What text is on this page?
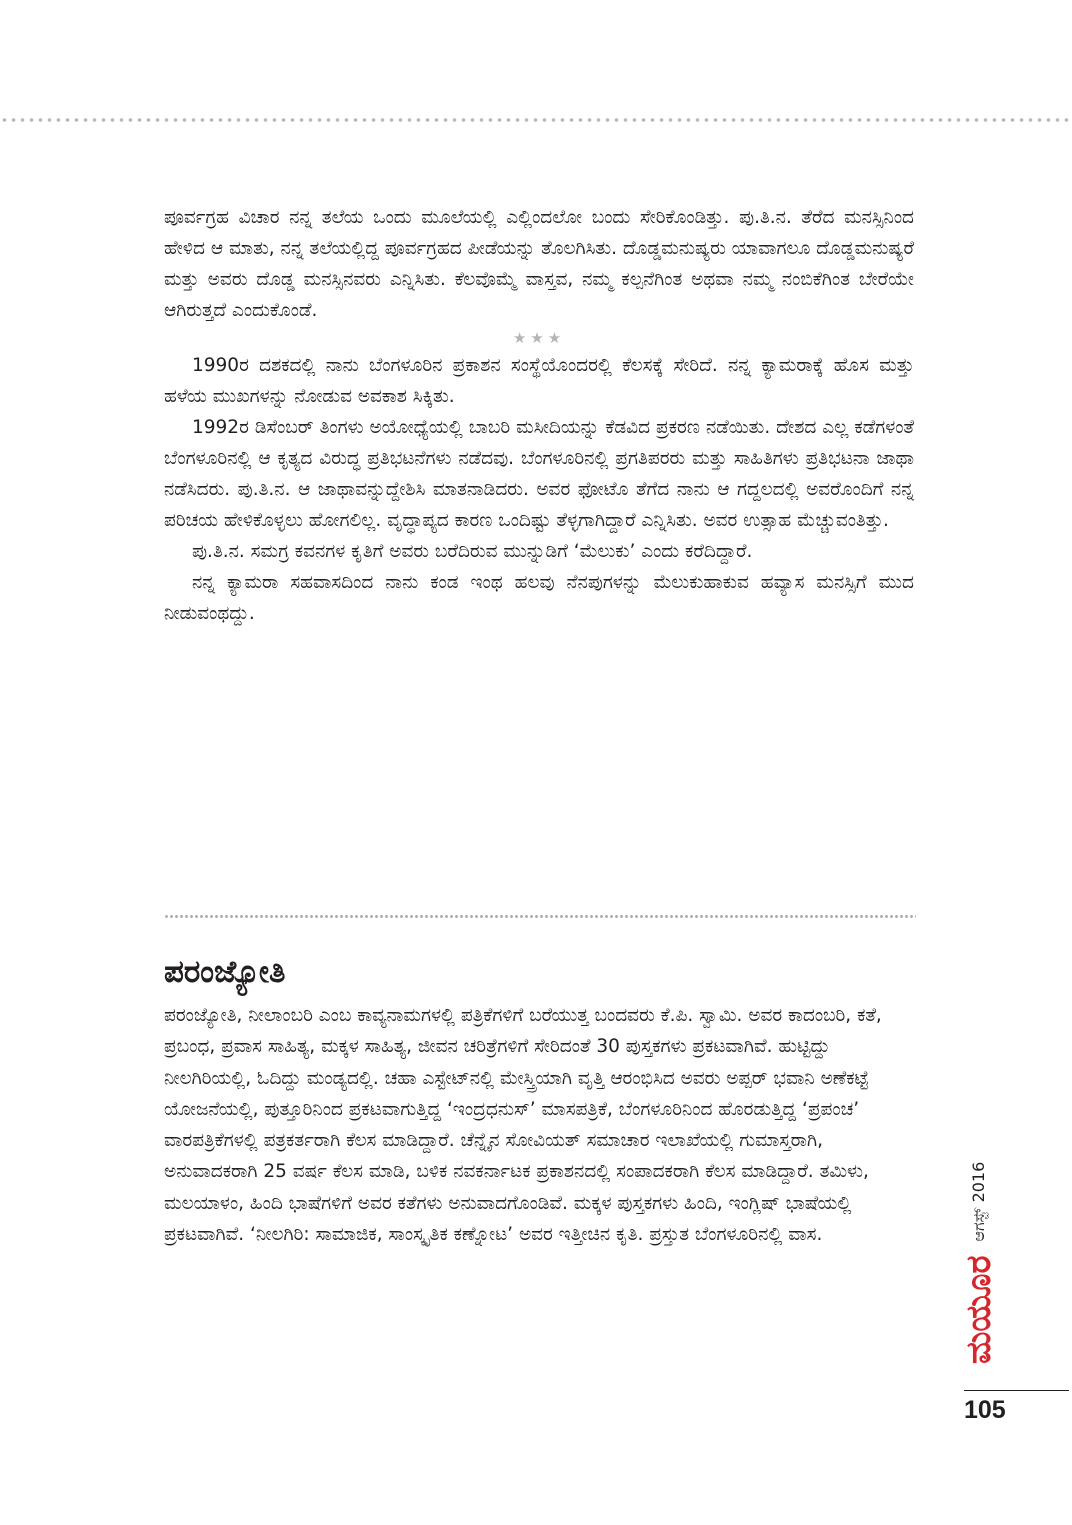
ಪೂರ್ವಗ್ರಹ ವಿಚಾರ ನನ್ನ ತಲೆಯ ಒಂದು ಮೂಲೆಯಲ್ಲಿ ಎಲ್ಲಿಂದಲೋ ಬಂದು ಸೇರಿಕೊಂಡಿತ್ತು. ಪು.ತಿ.ನ. ತೆರೆದ ಮನಸ್ಸಿನಿಂದ ಹೇಳಿದ ಆ ಮಾತು, ನನ್ನ ತಲೆಯಲ್ಲಿದ್ದ ಪೂರ್ವಗ್ರಹದ ಪೀಡೆಯನ್ನು ತೊಲಗಿಸಿತು. ದೊಡ್ಡಮನುಷ್ಯರು ಯಾವಾಗಲೂ ದೊಡ್ಡಮನುಷ್ಯರೆ ಮತ್ತು ಅವರು ದೊಡ್ಡ ಮನಸ್ಸಿನವರು ಎನ್ನಿಸಿತು. ಕೆಲವೊಮ್ಮೆ ವಾಸ್ತವ, ನಮ್ಮ ಕಲ್ಪನೆಗಿಂತ ಅಥವಾ ನಮ್ಮ ನಂಬಿಕೆಗಿಂತ ಬೇರೆಯೇ ಆಗಿರುತ್ತದೆ ಎಂದುಕೊಂಡೆ.

★★★

1990ರ ದಶಕದಲ್ಲಿ ನಾನು ಬೆಂಗಳೂರಿನ ಪ್ರಕಾಶನ ಸಂಸ್ಥೆಯೊಂದರಲ್ಲಿ ಕೆಲಸಕ್ಕೆ ಸೇರಿದೆ. ನನ್ನ ಕ್ಯಾಮರಾಕ್ಕೆ ಹೊಸ ಮತ್ತು ಹಳೆಯ ಮುಖಗಳನ್ನು ನೋಡುವ ಅವಕಾಶ ಸಿಕ್ಕಿತು.

1992ರ ಡಿಸೆಂಬರ್ ತಿಂಗಳು ಅಯೋಧ್ಯೆಯಲ್ಲಿ ಬಾಬರಿ ಮಸೀದಿಯನ್ನು ಕೆಡವಿದ ಪ್ರಕರಣ ನಡೆಯಿತು. ದೇಶದ ಎಲ್ಲ ಕಡೆಗಳಂತೆ ಬೆಂಗಳೂರಿನಲ್ಲಿ ಆ ಕೃತ್ಯದ ವಿರುದ್ಧ ಪ್ರತಿಭಟನೆಗಳು ನಡೆದವು. ಬೆಂಗಳೂರಿನಲ್ಲಿ ಪ್ರಗತಿಪರರು ಮತ್ತು ಸಾಹಿತಿಗಳು ಪ್ರತಿಭಟನಾ ಜಾಥಾ ನಡೆಸಿದರು. ಪು.ತಿ.ನ. ಆ ಜಾಥಾವನ್ನುದ್ದೇಶಿಸಿ ಮಾತನಾಡಿದರು. ಅವರ ಫೋಟೊ ತೆಗೆದ ನಾನು ಆ ಗದ್ದಲದಲ್ಲಿ ಅವರೊಂದಿಗೆ ನನ್ನ ಪರಿಚಯ ಹೇಳಿಕೊಳ್ಳಲು ಹೋಗಲಿಲ್ಲ. ವೃದ್ಧಾಪ್ಯದ ಕಾರಣ ಒಂದಿಷ್ಟು ತೆಳ್ಳಗಾಗಿದ್ದಾರೆ ಎನ್ನಿಸಿತು. ಅವರ ಉತ್ಸಾಹ ಮೆಚ್ಚುವಂತಿತ್ತು.

ಪು.ತಿ.ನ. ಸಮಗ್ರ ಕವನಗಳ ಕೃತಿಗೆ ಅವರು ಬರೆದಿರುವ ಮುನ್ನುಡಿಗೆ ‘ಮೆಲುಕು’ ಎಂದು ಕರೆದಿದ್ದಾರೆ.

ನನ್ನ ಕ್ಯಾಮರಾ ಸಹವಾಸದಿಂದ ನಾನು ಕಂಡ ಇಂಥ ಹಲವು ನೆನಪುಗಳನ್ನು ಮೆಲುಕುಹಾಕುವ ಹವ್ಯಾಸ ಮನಸ್ಸಿಗೆ ಮುದ ನೀಡುವಂಥದ್ದು.

ಪರಂಜ್ಯೋತಿ

ಪರಂಜ್ಯೋತಿ, ನೀಲಾಂಬರಿ ಎಂಬ ಕಾವ್ಯನಾಮಗಳಲ್ಲಿ ಪತ್ರಿಕೆಗಳಿಗೆ ಬರೆಯುತ್ತ ಬಂದವರು ಕೆ.ಪಿ. ಸ್ವಾಮಿ. ಅವರ ಕಾದಂಬರಿ, ಕತೆ, ಪ್ರಬಂಧ, ಪ್ರವಾಸ ಸಾಹಿತ್ಯ, ಮಕ್ಕಳ ಸಾಹಿತ್ಯ, ಜೀವನ ಚರಿತ್ರೆಗಳಿಗೆ ಸೇರಿದಂತೆ 30 ಪುಸ್ತಕಗಳು ಪ್ರಕಟವಾಗಿವೆ. ಹುಟ್ಟಿದ್ದು ನೀಲಗಿರಿಯಲ್ಲಿ, ಓದಿದ್ದು ಮಂಡ್ಯದಲ್ಲಿ. ಚಹಾ ಎಸ್ಟೇಟ್‌ನಲ್ಲಿ ಮೇಸ್ತ್ರಿಯಾಗಿ ವೃತ್ತಿ ಆರಂಭಿಸಿದ ಅವರು ಅಪ್ಪರ್ ಭವಾನಿ ಅಣೆಕಟ್ಟೆ ಯೋಜನೆಯಲ್ಲಿ, ಪುತ್ತೂರಿನಿಂದ ಪ್ರಕಟವಾಗುತ್ತಿದ್ದ ‘ಇಂದ್ರಧನುಸ್’ ಮಾಸಪತ್ರಿಕೆ, ಬೆಂಗಳೂರಿನಿಂದ ಹೊರಡುತ್ತಿದ್ದ ‘ಪ್ರಪಂಚ’ ವಾರಪತ್ರಿಕೆಗಳಲ್ಲಿ ಪತ್ರಕರ್ತರಾಗಿ ಕೆಲಸ ಮಾಡಿದ್ದಾರೆ. ಚೆನ್ನೈನ ಸೋವಿಯತ್ ಸಮಾಚಾರ ಇಲಾಖೆಯಲ್ಲಿ ಗುಮಾಸ್ತರಾಗಿ, ಅನುವಾದಕರಾಗಿ 25 ವರ್ಷ ಕೆಲಸ ಮಾಡಿ, ಬಳಿಕ ನವಕರ್ನಾಟಕ ಪ್ರಕಾಶನದಲ್ಲಿ ಸಂಪಾದಕರಾಗಿ ಕೆಲಸ ಮಾಡಿದ್ದಾರೆ. ತಮಿಳು, ಮಲಯಾಳಂ, ಹಿಂದಿ ಭಾಷೆಗಳಿಗೆ ಅವರ ಕತೆಗಳು ಅನುವಾದಗೊಂಡಿವೆ. ಮಕ್ಕಳ ಪುಸ್ತಕಗಳು ಹಿಂದಿ, ಇಂಗ್ಲಿಷ್ ಭಾಷೆಯಲ್ಲಿ ಪ್ರಕಟವಾಗಿವೆ. ‘ನೀಲಗಿರಿ: ಸಾಮಾಜಿಕ, ಸಾಂಸ್ಕೃತಿಕ ಕಣ್ನೋಟ’ ಅವರ ಇತ್ತೀಚಿನ ಕೃತಿ. ಪ್ರಸ್ತುತ ಬೆಂಗಳೂರಿನಲ್ಲಿ ವಾಸ.

ಮಯೂರ
ಆಗಸ್ಟ್ 2016
105
